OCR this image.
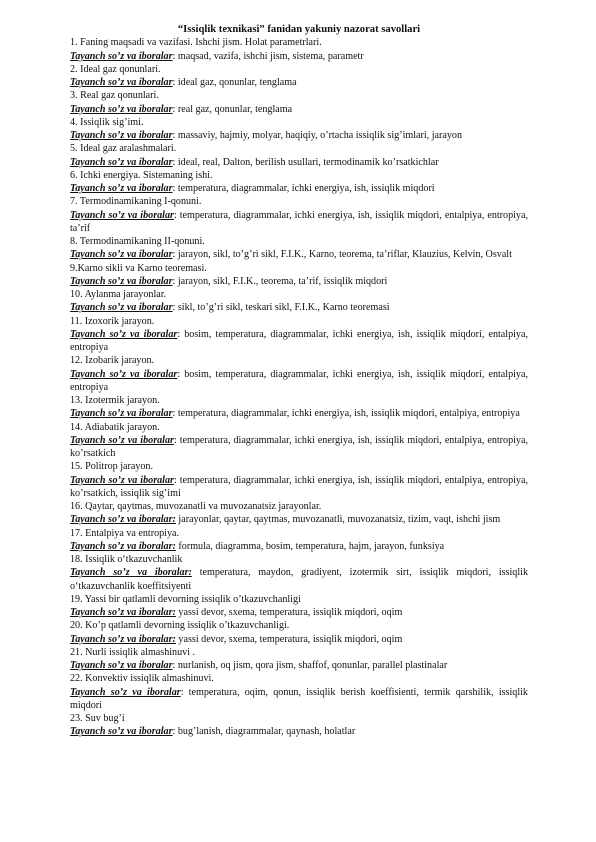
“Issiqlik texnikasi” fanidan yakuniy nazorat savollari

1. Faning maqsadi va vazifasi. Ishchi jism. Holat parametrlari.

Tayanch so’z va iboralar: maqsad, vazifa, ishchi jism, sistema, parametr

2. Ideal gaz qonunlari.

Tayanch so’z va iboralar: ideal gaz, qonunlar, tenglama

3. Real gaz qonunlari.

Tayanch so’z va iboralar: real gaz, qonunlar, tenglama

4. Issiqlik sig’imi.

Tayanch so’z va iboralar: massaviy, hajmiy, molyar, haqiqiy, o’rtacha issiqlik sig’imlari, jarayon

5. Ideal gaz aralashmalari.

Tayanch so’z va iboralar: ideal, real, Dalton, berilish usullari, termodinamik ko’rsatkichlar

6. Ichki energiya. Sistemaning ishi.

Tayanch so’z va iboralar: temperatura, diagrammalar, ichki energiya, ish, issiqlik miqdori

7. Termodinamikaning I-qonuni.

Tayanch so’z va iboralar: temperatura, diagrammalar, ichki energiya, ish, issiqlik miqdori, entalpiya, entropiya, ta’rif

8. Termodinamikaning II-qonuni.

Tayanch so’z va iboralar: jarayon, sikl, to’g’ri sikl, F.I.K., Karno, teorema, ta’riflar, Klauzius, Kelvin, Osvalt

9.Karno sikli va Karno teoremasi.

Tayanch so’z va iboralar: jarayon, sikl, F.I.K., teorema, ta’rif, issiqlik miqdori

10. Aylanma jarayonlar.

Tayanch so’z va iboralar: sikl, to’g’ri sikl, teskari sikl, F.I.K., Karno teoremasi

11. Izoxorik jarayon.

Tayanch so’z va iboralar: bosim, temperatura, diagrammalar, ichki energiya, ish, issiqlik miqdori, entalpiya, entropiya

12. Izobarik jarayon.

Tayanch so’z va iboralar: bosim, temperatura, diagrammalar, ichki energiya, ish, issiqlik miqdori, entalpiya, entropiya

13. Izotermik jarayon.

Tayanch so’z va iboralar: temperatura, diagrammalar, ichki energiya, ish, issiqlik miqdori, entalpiya, entropiya

14. Adiabatik jarayon.

Tayanch so’z va iboralar: temperatura, diagrammalar, ichki energiya, ish, issiqlik miqdori, entalpiya, entropiya, ko’rsatkich

15. Politrop jarayon.

Tayanch so’z va iboralar: temperatura, diagrammalar, ichki energiya, ish, issiqlik miqdori, entalpiya, entropiya, ko’rsatkich, issiqlik sig’imi

16. Qaytar, qaytmas, muvozanatli va muvozanatsiz jarayonlar.

Tayanch so’z va iboralar: jarayonlar, qaytar, qaytmas, muvozanatli, muvozanatsiz, tizim, vaqt, ishchi jism

17. Entalpiya va entropiya.

Tayanch so’z va iboralar: formula, diagramma, bosim, temperatura, hajm, jarayon, funksiya

18. Issiqlik o‘tkazuvchanlik

Tayanch so’z va iboralar: temperatura, maydon, gradiyent, izotermik sirt, issiqlik miqdori, issiqlik o‘tkazuvchanlik koeffitsiyenti

19. Yassi bir qatlamli devorning issiqlik o’tkazuvchanligi

Tayanch so’z va iboralar: yassi devor, sxema, temperatura, issiqlik miqdori, oqim

20. Ko’p qatlamli devorning issiqlik o’tkazuvchanligi.

Tayanch so’z va iboralar: yassi devor, sxema, temperatura, issiqlik miqdori, oqim

21. Nurli issiqlik almashinuvi .

Tayanch so’z va iboralar: nurlanish, oq jism, qora jism, shaffof, qonunlar, parallel plastinalar

22. Konvektiv issiqlik almashinuvi.

Tayanch so’z va iboralar: temperatura, oqim, qonun, issiqlik berish koeffisienti, termik qarshilik, issiqlik miqdori

23. Suv bug’i

Tayanch so’z va iboralar: bug’lanish, diagrammalar, qaynash, holatlar
